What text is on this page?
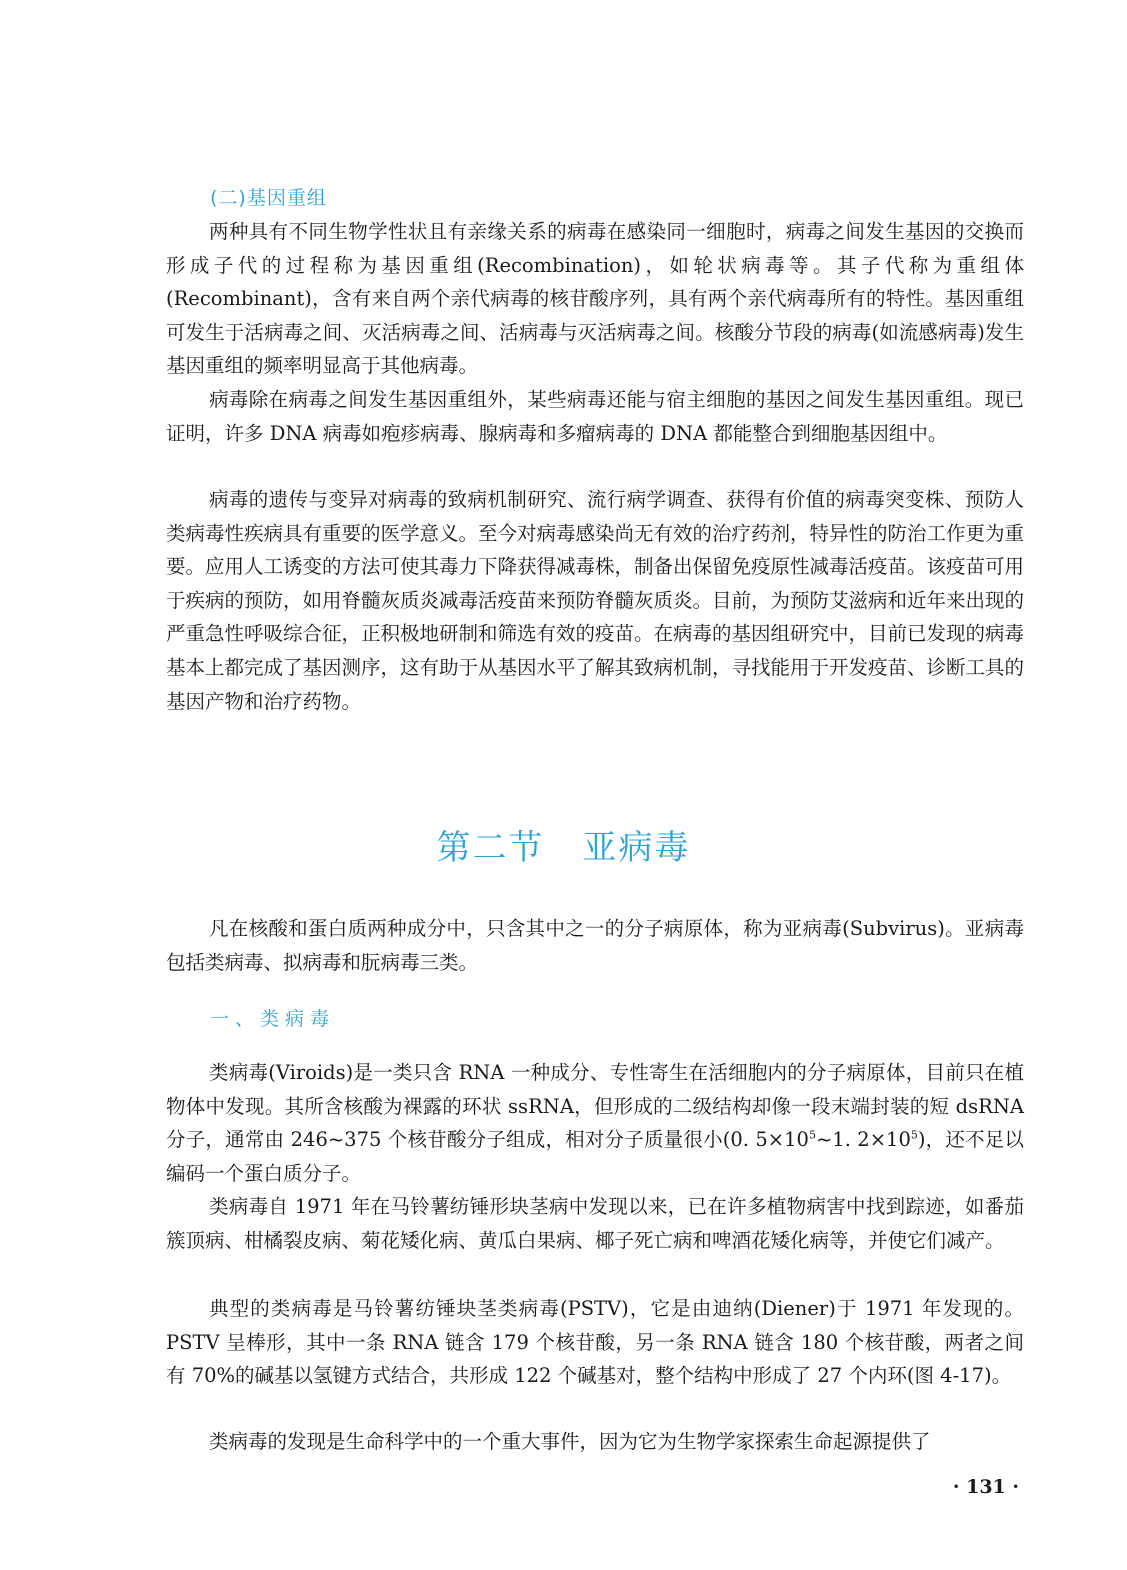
(二)基因重组

两种具有不同生物学性状且有亲缘关系的病毒在感染同一细胞时，病毒之间发生基因的交换而形成子代的过程称为基因重组(Recombination)，如轮状病毒等。其子代称为重组体(Recombinant)，含有来自两个亲代病毒的核苷酸序列，具有两个亲代病毒所有的特性。基因重组可发生于活病毒之间、灭活病毒之间、活病毒与灭活病毒之间。核酸分节段的病毒(如流感病毒)发生基因重组的频率明显高于其他病毒。

病毒除在病毒之间发生基因重组外，某些病毒还能与宿主细胞的基因之间发生基因重组。现已证明，许多 DNA 病毒如疱疹病毒、腺病毒和多瘤病毒的 DNA 都能整合到细胞基因组中。

病毒的遗传与变异对病毒的致病机制研究、流行病学调查、获得有价值的病毒突变株、预防人类病毒性疾病具有重要的医学意义。至今对病毒感染尚无有效的治疗药剂，特异性的防治工作更为重要。应用人工诱变的方法可使其毒力下降获得减毒株，制备出保留免疫原性减毒活疫苗。该疫苗可用于疾病的预防，如用脊髓灰质炎减毒活疫苗来预防脊髓灰质炎。目前，为预防艾滋病和近年来出现的严重急性呼吸综合征，正积极地研制和筛选有效的疫苗。在病毒的基因组研究中，目前已发现的病毒基本上都完成了基因测序，这有助于从基因水平了解其致病机制，寻找能用于开发疫苗、诊断工具的基因产物和治疗药物。

第二节 亚病毒

凡在核酸和蛋白质两种成分中，只含其中之一的分子病原体，称为亚病毒(Subvirus)。亚病毒包括类病毒、拟病毒和朊病毒三类。

一、类病毒

类病毒(Viroids)是一类只含 RNA 一种成分、专性寄生在活细胞内的分子病原体，目前只在植物体中发现。其所含核酸为裸露的环状 ssRNA，但形成的二级结构却像一段末端封装的短 dsRNA 分子，通常由 246~375 个核苷酸分子组成，相对分子质量很小(0. $5\times 10^5\sim 1$. $2\times 10^5$)，还不足以编码一个蛋白质分子。

类病毒自 1971 年在马铃薯纺锤形块茎病中发现以来，已在许多植物病害中找到踪迹，如番茄簇顶病、柑橘裂皮病、菊花矮化病、黄瓜白果病、椰子死亡病和啤酒花矮化病等，并使它们减产。

典型的类病毒是马铃薯纺锤块茎类病毒(PSTV)，它是由迪纳(Diener)于 1971 年发现的。PSTV 呈棒形，其中一条 RNA 链含 179 个核苷酸，另一条 RNA 链含 180 个核苷酸，两者之间有 70%的碱基以氢键方式结合，共形成 122 个碱基对，整个结构中形成了 27 个内环(图 4-17)。

类病毒的发现是生命科学中的一个重大事件，因为它为生物学家探索生命起源提供了

· 131 ·
